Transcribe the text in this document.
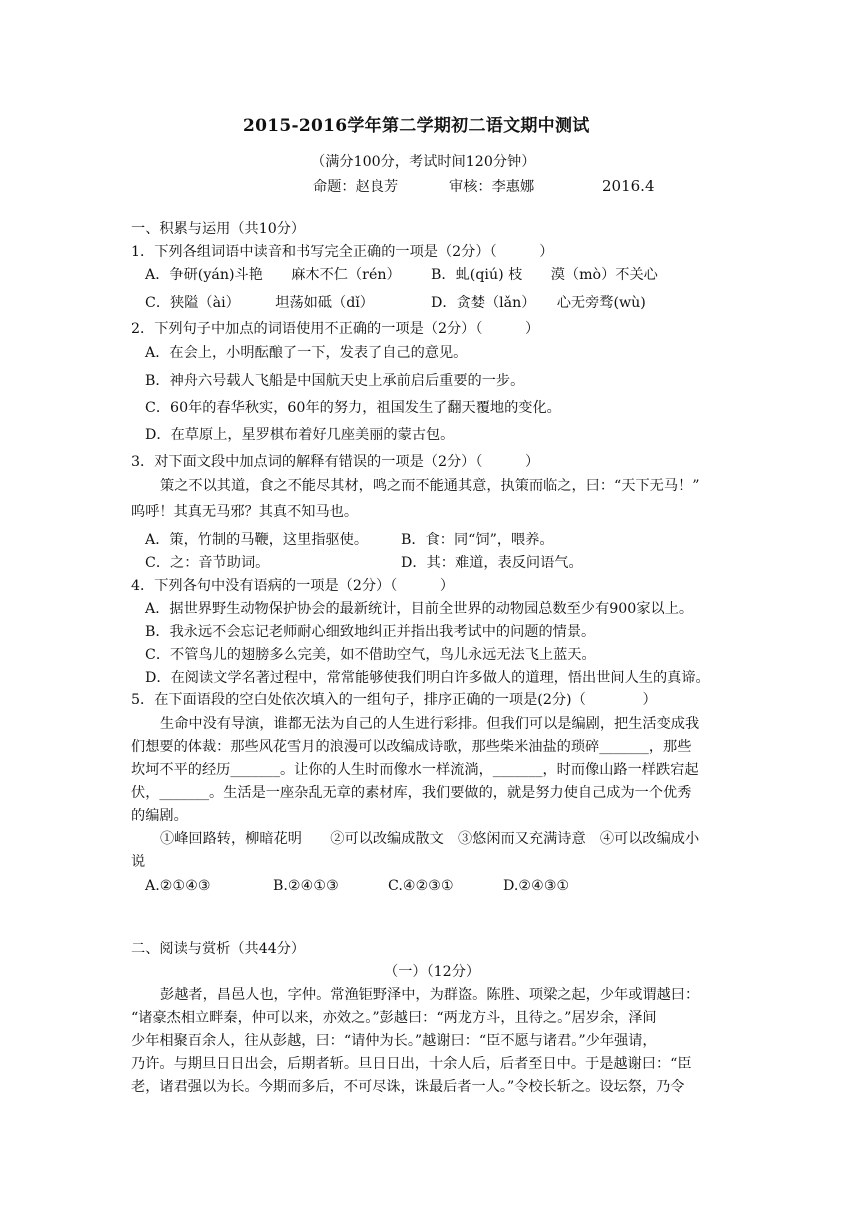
2015-2016学年第二学期初二语文期中测试
（满分100分，考试时间120分钟）
命题：赵良芳	审核：李惠娜	2016.4
一、积累与运用（共10分）
1．下列各组词语中读音和书写完全正确的一项是（2分）（　　　）
A．争研(yán)斗艳　　麻木不仁（rén） B．虬(qiú) 枝　　漠（mò）不关心
C．狭隘（ài）　　　坦荡如砥（dǐ）	D．贪婪（lǎn）　　心无旁骛(wù)
2．下列句子中加点的词语使用不正确的一项是（2分）（　　　）
A．在会上，小明酝酿了一下，发表了自己的意见。
B．神舟六号载人飞船是中国航天史上承前启后重要的一步。
C．60年的春华秋实，60年的努力，祖国发生了翻天覆地的变化。
D．在草原上，星罗棋布着好几座美丽的蒙古包。
3．对下面文段中加点词的解释有错误的一项是（2分）（　　　）
策之不以其道，食之不能尽其材，鸣之而不能通其意，执策而临之，曰：“天下无马！”
呜呼！其真无马邪？其真不知马也。
A．策，竹制的马鞭，这里指驱使。 B．食：同“饲”，喂养。
C．之：音节助词。	D．其：难道，表反问语气。
4．下列各句中没有语病的一项是（2分）（　　　）
A．据世界野生动物保护协会的最新统计，目前全世界的动物园总数至少有900家以上。
B．我永远不会忘记老师耐心细致地纠正并指出我考试中的问题的情景。
C．不管鸟儿的翅膀多么完美，如不借助空气，鸟儿永远无法飞上蓝天。
D．在阅读文学名著过程中，常常能够使我们明白许多做人的道理，悟出世间人生的真谛。
5．在下面语段的空白处依次填入的一组句子，排序正确的一项是(2分)（　　　　）
生命中没有导演，谁都无法为自己的人生进行彩排。但我们可以是编剧，把生活变成我
们想要的体裁：那些风花雪月的浪漫可以改编成诗歌，那些柴米油盐的琐碎_______，那些
坎坷不平的经历_______。让你的人生时而像水一样流淌，_______，时而像山路一样跌宕起
伏，_______。生活是一座杂乱无章的素材库，我们要做的，就是努力使自己成为一个优秀
的编剧。
①峰回路转，柳暗花明　　②可以改编成散文　③悠闲而又充满诗意　④可以改编成小
说
A.②①④③	B.②④①③	C.④②③①	D.②④③①
二、阅读与赏析（共44分）
（一）（12分）
彭越者，昌邑人也，字仲。常渔钜野泽中，为群盗。陈胜、项梁之起，少年或谓越曰：
“诸豪杰相立畔秦，仲可以来，亦效之。”彭越曰：“两龙方斗，且待之。”居岁余，泽间
少年相聚百余人，往从彭越，曰：“请仲为长。”越谢曰：“臣不愿与诸君。”少年强请，
乃许。与期旦日日出会，后期者斩。旦日日出，十余人后，后者至日中。于是越谢曰：“臣
老，诸君强以为长。今期而多后，不可尽诛，诛最后者一人。”令校长斩之。设坛祭，乃令
